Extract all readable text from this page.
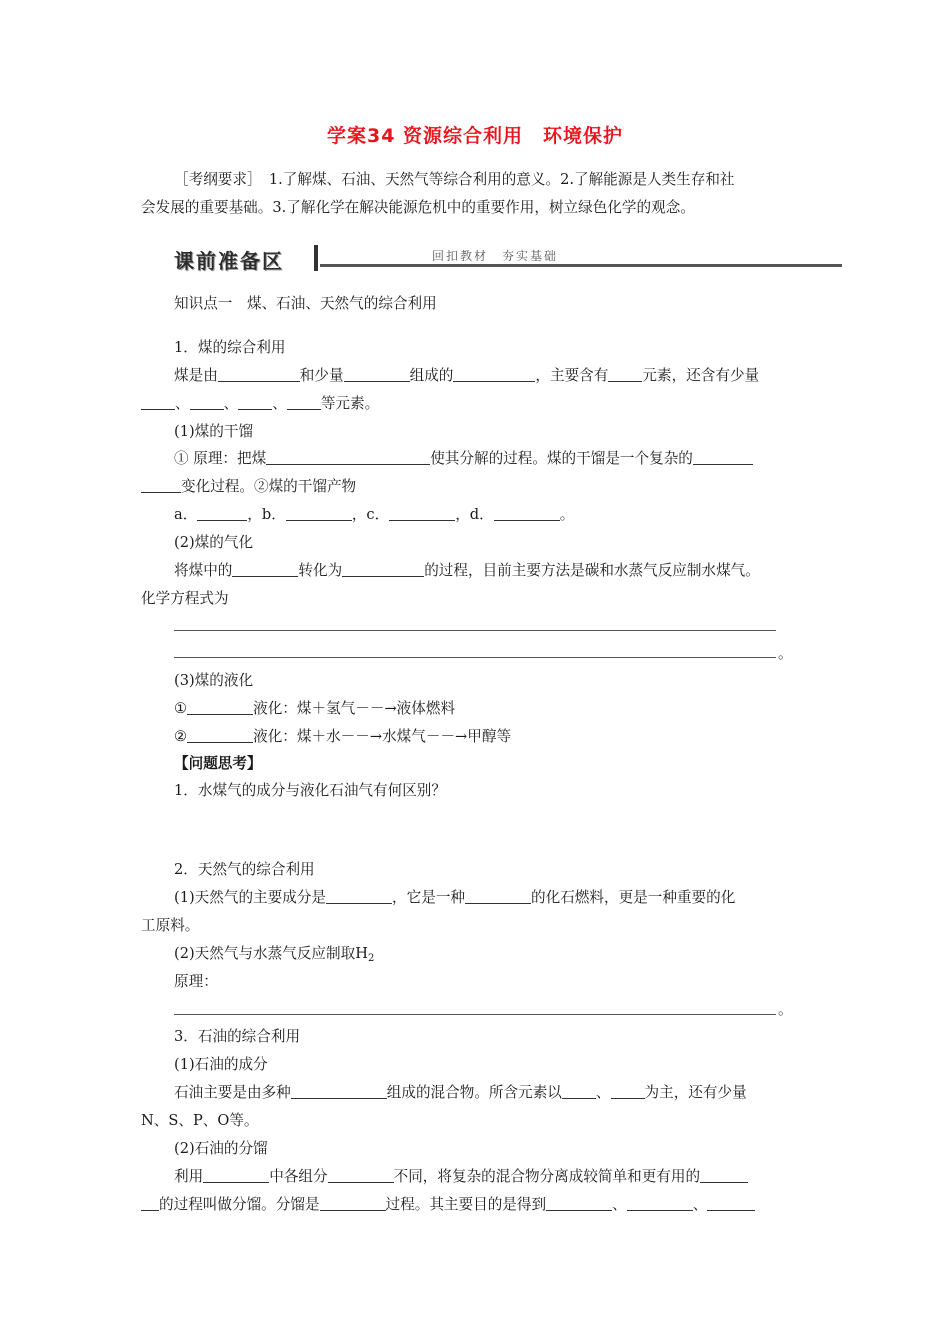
学案34 资源综合利用　环境保护
［考纲要求］　1.了解煤、石油、天然气等综合利用的意义。2.了解能源是人类生存和社
会发展的重要基础。3.了解化学在解决能源危机中的重要作用，树立绿色化学的观念。
课前准备区	回扣教材　夯实基础
知识点一　煤、石油、天然气的综合利用
1．煤的综合利用
煤是由	和少量	组成的	，主要含有 元素，还含有少量
、 、 、 等元素。
(1)煤的干馏
① 原理：把煤	使其分解的过程。煤的干馏是一个复杂的
变化过程。②煤的干馏产物
a．	，b．	，c．	，d．	。
(2)煤的气化
将煤中的	转化为	的过程，目前主要方法是碳和水蒸气反应制水煤气。
化学方程式为
。
(3)煤的液化
①	液化：煤＋氢气－－→液体燃料
②	液化：煤＋水－－→水煤气－－→甲醇等
【问题思考】
1．水煤气的成分与液化石油气有何区别？
2．天然气的综合利用
(1)天然气的主要成分是	，它是一种	的化石燃料，更是一种重要的化
工原料。
(2)天然气与水蒸气反应制取$H_2$
原理：
。
3．石油的综合利用
(1)石油的成分
石油主要是由多种	组成的混合物。所含元素以 、 为主，还有少量
N、S、P、O等。
(2)石油的分馏
利用	中各组分	不同，将复杂的混合物分离成较简单和更有用的
的过程叫做分馏。分馏是	过程。其主要目的是得到	、	、
